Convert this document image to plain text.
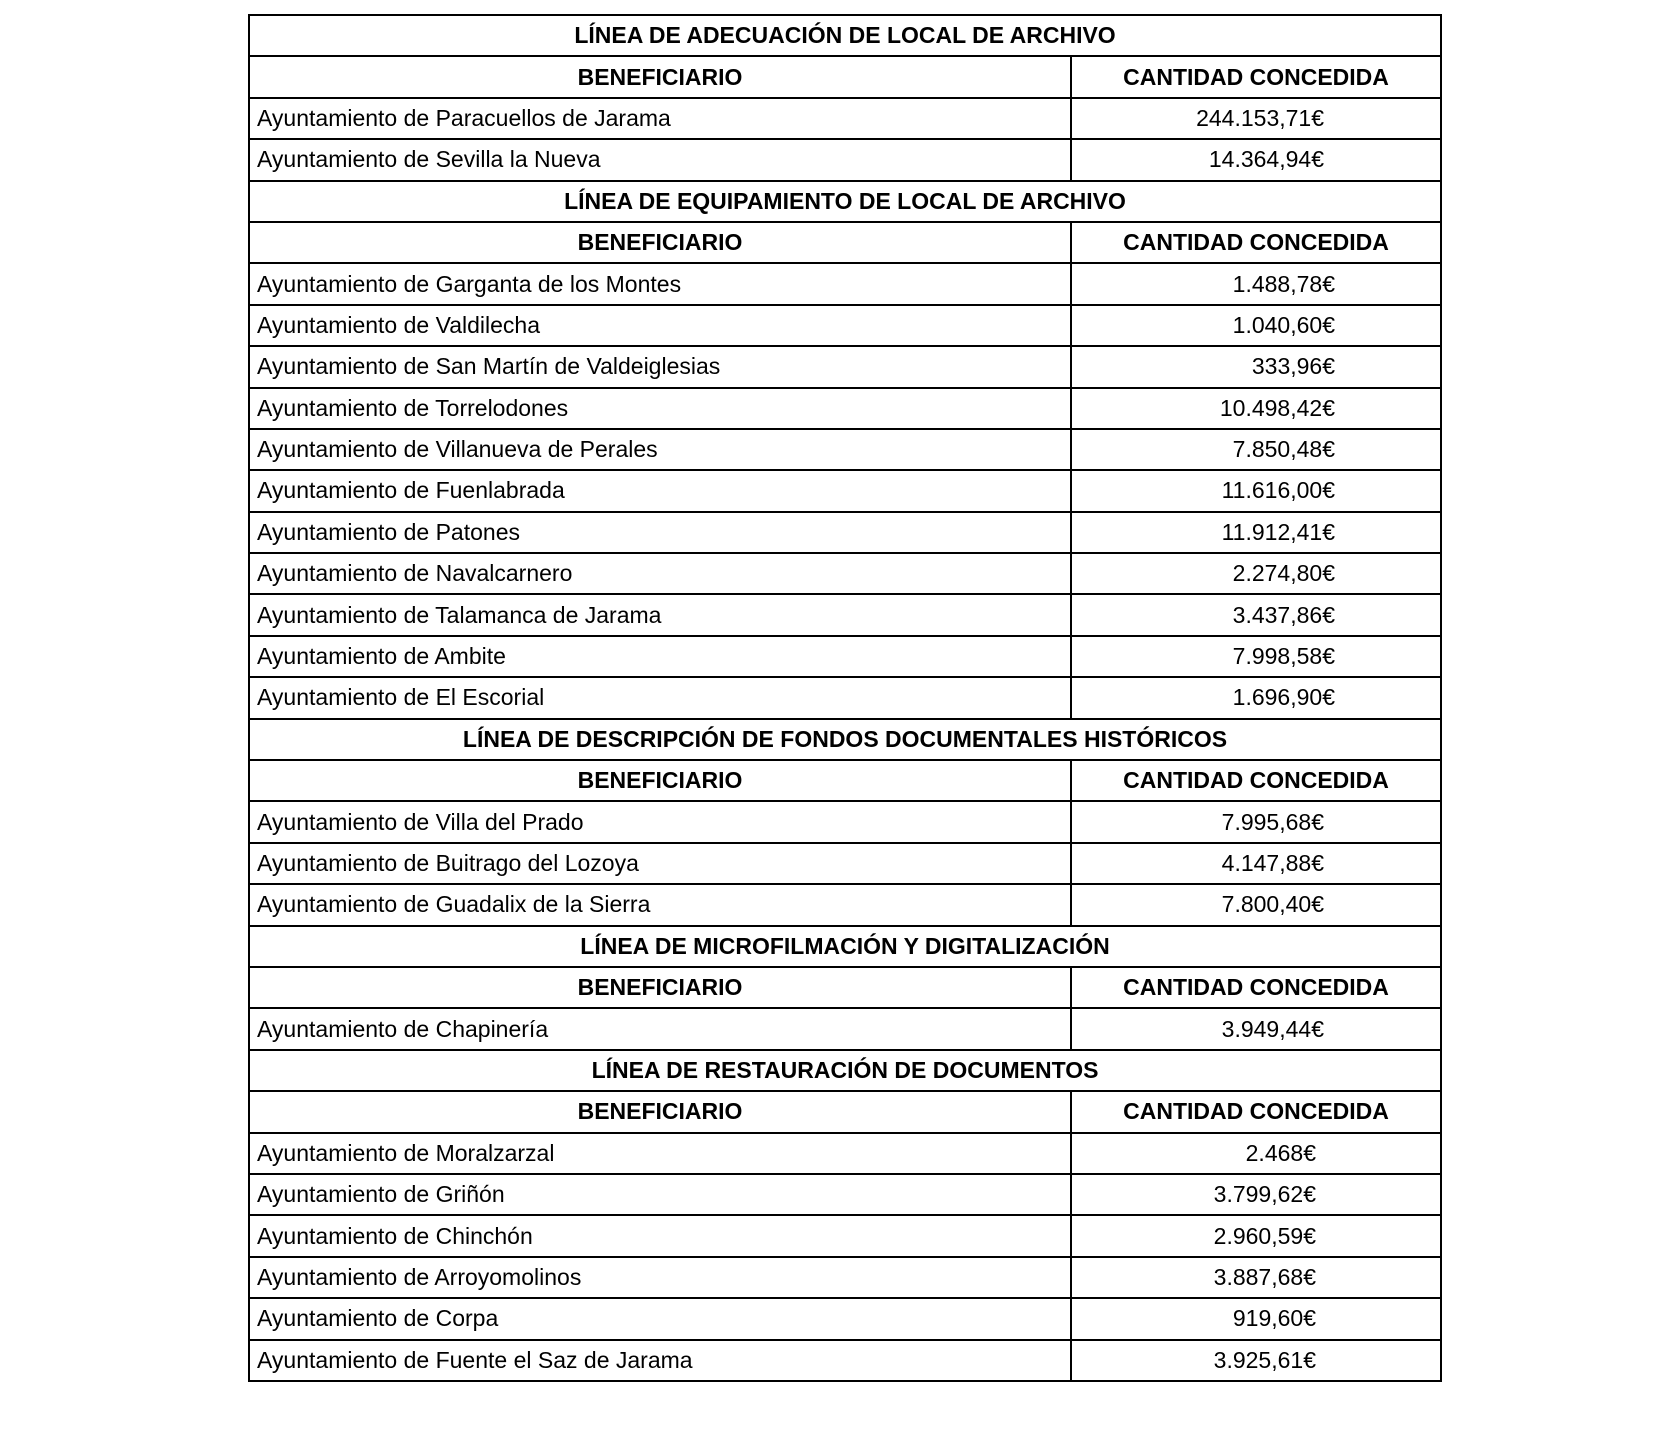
LÍNEA DE ADECUACIÓN DE LOCAL DE ARCHIVO	
BENEFICIARIO	CANTIDAD CONCEDIDA
Ayuntamiento de Paracuellos de Jarama	244.153,71€
Ayuntamiento de Sevilla la Nueva	14.364,94€
LÍNEA DE EQUIPAMIENTO DE LOCAL DE ARCHIVO	
BENEFICIARIO	CANTIDAD CONCEDIDA
Ayuntamiento de Garganta de los Montes	1.488,78€
Ayuntamiento de Valdilecha	1.040,60€
Ayuntamiento de San Martín de Valdeiglesias	333,96€
Ayuntamiento de Torrelodones	10.498,42€
Ayuntamiento de Villanueva de Perales	7.850,48€
Ayuntamiento de Fuenlabrada	11.616,00€
Ayuntamiento de Patones	11.912,41€
Ayuntamiento de Navalcarnero	2.274,80€
Ayuntamiento de Talamanca de Jarama	3.437,86€
Ayuntamiento de Ambite	7.998,58€
Ayuntamiento de El Escorial	1.696,90€
LÍNEA DE DESCRIPCIÓN DE FONDOS DOCUMENTALES HISTÓRICOS	
BENEFICIARIO	CANTIDAD CONCEDIDA
Ayuntamiento de Villa del Prado	7.995,68€
Ayuntamiento de Buitrago del Lozoya	4.147,88€
Ayuntamiento de Guadalix de la Sierra	7.800,40€
LÍNEA DE MICROFILMACIÓN Y DIGITALIZACIÓN	
BENEFICIARIO	CANTIDAD CONCEDIDA
Ayuntamiento de Chapinería	3.949,44€
LÍNEA DE RESTAURACIÓN DE DOCUMENTOS	
BENEFICIARIO	CANTIDAD CONCEDIDA
Ayuntamiento de Moralzarzal	2.468€
Ayuntamiento de Griñón	3.799,62€
Ayuntamiento de Chinchón	2.960,59€
Ayuntamiento de Arroyomolinos	3.887,68€
Ayuntamiento de Corpa	919,60€
Ayuntamiento de Fuente el Saz de Jarama	3.925,61€
